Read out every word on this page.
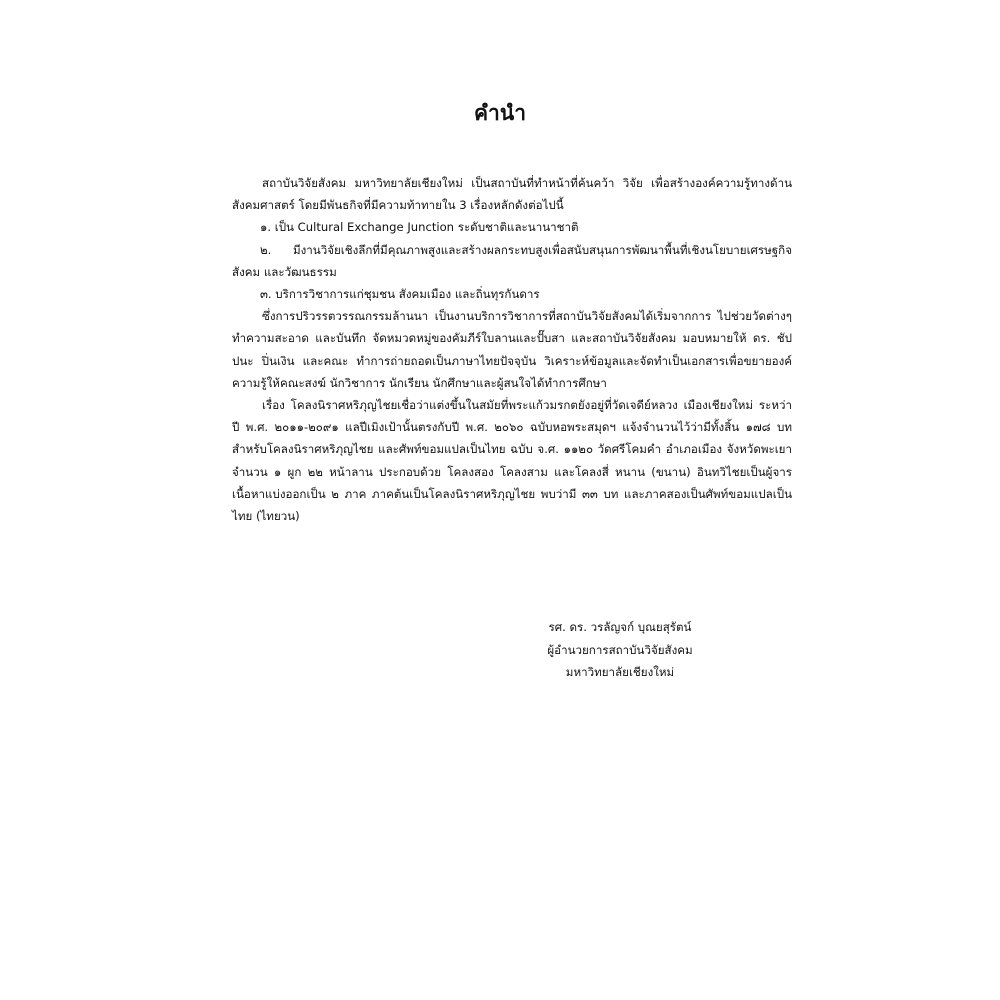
คำนำ

สถาบันวิจัยสังคม มหาวิทยาลัยเชียงใหม่ เป็นสถาบันที่ทำหน้าที่ค้นคว้า วิจัย เพื่อสร้างองค์ความรู้ทางด้านสังคมศาสตร์ โดยมีพันธกิจที่มีความท้าทายใน 3 เรื่องหลักดังต่อไปนี้

๑. เป็น Cultural Exchange Junction ระดับชาติและนานาชาติ

๒. มีงานวิจัยเชิงลึกที่มีคุณภาพสูงและสร้างผลกระทบสูงเพื่อสนับสนุนการพัฒนาพื้นที่เชิงนโยบายเศรษฐกิจ สังคม และวัฒนธรรม

๓. บริการวิชาการแก่ชุมชน สังคมเมือง และถิ่นทุรกันดาร

ซึ่งการปริวรรตวรรณกรรมล้านนา เป็นงานบริการวิชาการที่สถาบันวิจัยสังคมได้เริ่มจากการ ไปช่วยวัดต่างๆ ทำความสะอาด และบันทึก จัดหมวดหมู่ของคัมภีร์ใบลานและปั๊บสา และสถาบันวิจัยสังคม มอบหมายให้ ดร. ชัปปนะ ปิ่นเงิน และคณะ ทำการถ่ายถอดเป็นภาษาไทยปัจจุบัน วิเคราะห์ข้อมูลและจัดทำเป็นเอกสารเพื่อขยายองค์ความรู้ให้คณะสงฆ์ นักวิชาการ นักเรียน นักศึกษาและผู้สนใจได้ทำการศึกษา

เรื่อง โคลงนิราศหริภุญไชยเชื่อว่าแต่งขึ้นในสมัยที่พระแก้วมรกตยังอยู่ที่วัดเจดีย์หลวง เมืองเชียงใหม่ ระหว่าปี พ.ศ. ๒๐๑๑-๒๐๙๑ แลปีเมิงเป้านั้นตรงกับปี พ.ศ. ๒๐๖๐ ฉบับหอพระสมุดฯ แจ้งจำนวนไว้ว่ามีทั้งสิ้น ๑๗๘ บท สำหรับโคลงนิราศหริภุญไชย และศัพท์ขอมแปลเป็นไทย ฉบับ จ.ศ. ๑๑๒๐ วัดศรีโคมคำ อำเภอเมือง จังหวัดพะเยา จำนวน ๑ ผูก ๒๒ หน้าลาน ประกอบด้วย โคลงสอง โคลงสาม และโคลงสี่ หนาน (ขนาน) อินทวิไชยเป็นผู้จาร เนื้อหาแบ่งออกเป็น ๒ ภาค ภาคต้นเป็นโคลงนิราศหริภุญไชย พบว่ามี ๓๓ บท และภาคสองเป็นศัพท์ขอมแปลเป็นไทย (ไทยวน)

รศ. ดร. วรลัญจก์ บุณยสุรัตน์
ผู้อำนวยการสถาบันวิจัยสังคม
มหาวิทยาลัยเชียงใหม่
